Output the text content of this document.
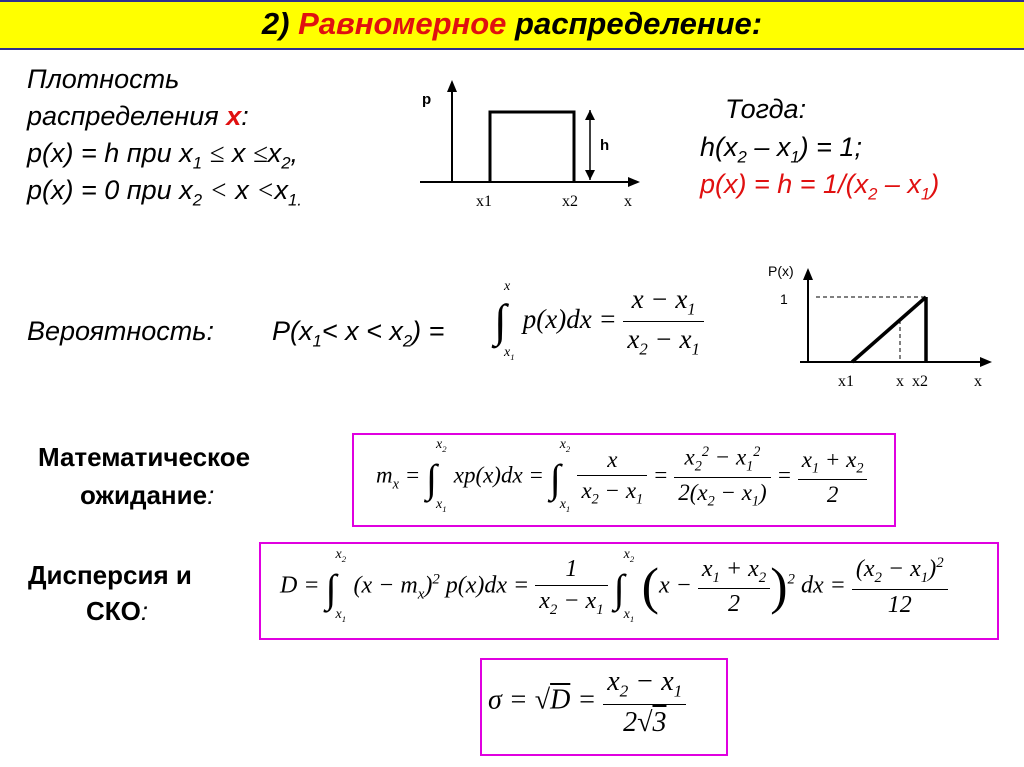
2) Равномерное распределение:
Плотность
распределения x:
p(x) = h при $x_1 \le x \le x_2$,
p(x) = 0 при $x_2 < x <x_{1.}$
p
h
x1	x2	x
Тогда:
$h(x_2 - x_1) = 1$;
$p(x) = h = 1/(x_2 - x_1)$
Вероятность: $P(x_1< x < x_2)$ = ∫
x
$x_1$
$p(x)dx = \frac{x - x_1}{x_2 - x_1}$
P(x)
1
x1	x x2	x
Математическое
ожидание:
$m_x$ = ∫
$x_2$
$x_1$
xp(x)dx = ∫
$x_2$
$x_1$

$\frac{x}{x_2 - x_1} = \frac{x_2^2 - x_1^2}{2(x_2 - x_1)} = \frac{x_1 + x_2}{2}$
Дисперсия и
СКО:
D = ∫
$x_2$
$x_1$
$(x - m_x)^2$ $p(x)dx = \frac{1}{x_2 - x_1}$
∫
$x_2$
$x_1$
$(x - \frac{x_1 + x_2}{2} )^2$ dx = $\frac{(x_2 - x_1)^2}{12}$
$\sigma = √D = \frac{x_2 - x_1}{2√3}$
